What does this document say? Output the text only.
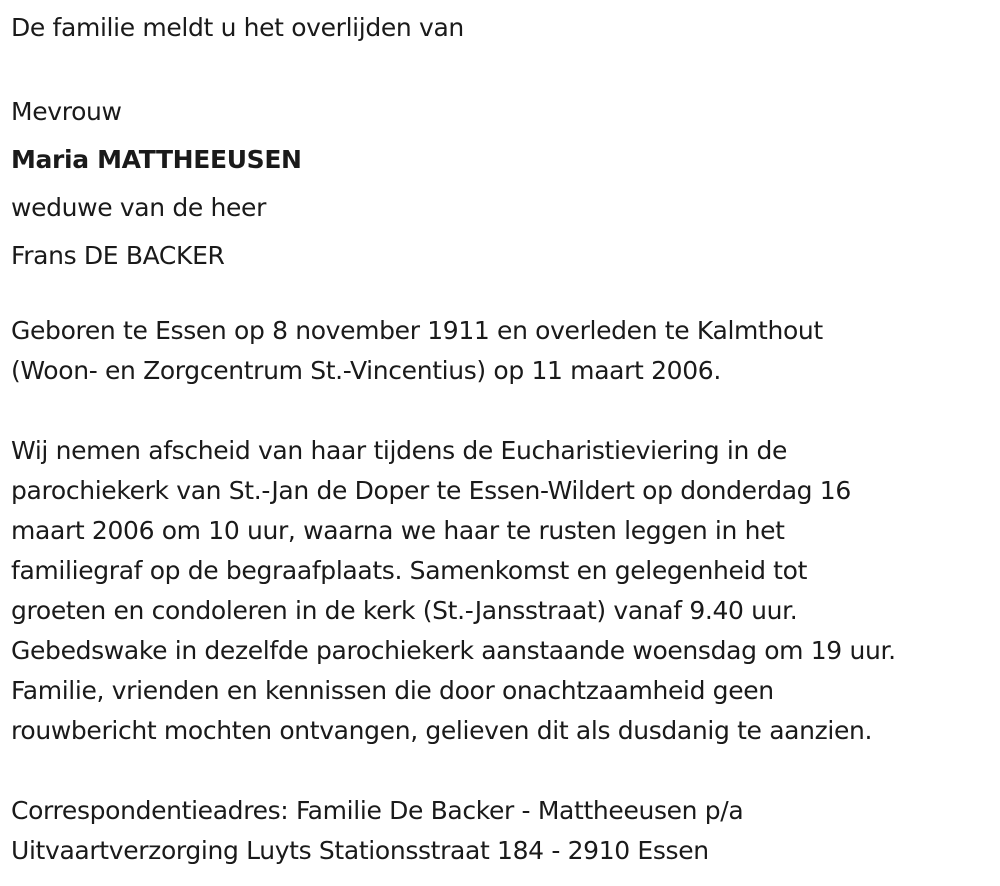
De familie meldt u het overlijden van

Mevrouw

Maria MATTHEEUSEN

weduwe van de heer

Frans DE BACKER

Geboren te Essen op 8 november 1911 en overleden te Kalmthout

(Woon- en Zorgcentrum St.-Vincentius) op 11 maart 2006.

Wij nemen afscheid van haar tijdens de Eucharistieviering in de

parochiekerk van St.-Jan de Doper te Essen-Wildert op donderdag 16

maart 2006 om 10 uur, waarna we haar te rusten leggen in het

familiegraf op de begraafplaats. Samenkomst en gelegenheid tot

groeten en condoleren in de kerk (St.-Jansstraat) vanaf 9.40 uur.

Gebedswake in dezelfde parochiekerk aanstaande woensdag om 19 uur.

Familie, vrienden en kennissen die door onachtzaamheid geen

rouwbericht mochten ontvangen, gelieven dit als dusdanig te aanzien.

Correspondentieadres: Familie De Backer - Mattheeusen p/a

Uitvaartverzorging Luyts Stationsstraat 184 - 2910 Essen
